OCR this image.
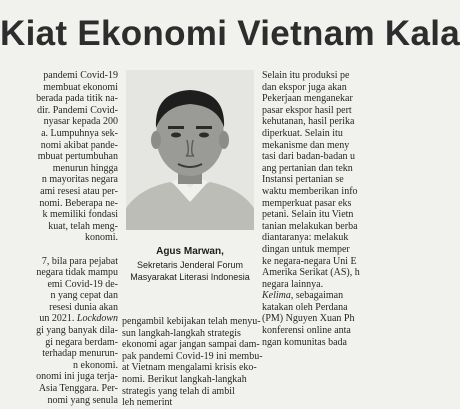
Kiat Ekonomi Vietnam Kala
pandemi Covid-19
membuat ekonomi
berada pada titik na-
dir. Pandemi Covid-
nyasar kepada 200
a. Lumpuhnya sek-
nomi akibat pande-
mbuat pertumbuhan
menurun hingga
n mayoritas negara
ami resesi atau per-
nomi. Beberapa ne-
k memiliki fondasi
kuat, telah meng-
konomi.

7, bila para pejabat
negara tidak mampu
emi Covid-19 de-
n yang cepat dan
resesi dunia akan
un 2021. Lockdown
gi yang banyak dila-
gi negara berdam-
terhadap menurun-
n ekonomi.
onomi ini juga terja-
Asia Tenggara. Per-
nomi yang senula
Agus Marwan,
Sekretaris Jenderal Forum
Masyarakat Literasi Indonesia
pengambil kebijakan telah menyu-
sun langkah-langkah strategis
ekonomi agar jangan sampai dam-
pak pandemi Covid-19 ini membu-
at Vietnam mengalami krisis eko-
nomi. Berikut langkah-langkah
strategis yang telah di ambil
leh nemerint
Selain itu produksi pe
dan ekspor juga akan
Pekerjaan menganekar
pasar ekspor hasil pert
kehutanan, hasil perika
diperkuat. Selain itu
mekanisme dan meny
tasi dari badan-badan u
ang pertanian dan tekn
Instansi pertanian se
waktu memberikan info
memperkuat pasar eks
petani. Selain itu Vietn
tanian melakukan berba
diantaranya: melakuk
dingan untuk memper
ke negara-negara Uni E
Amerika Serikat (AS), h
negara lainnya.
Kelima, sebagaiman
katakan oleh Perdana
(PM) Nguyen Xuan Ph
konferensi online anta
ngan komunitas bada
